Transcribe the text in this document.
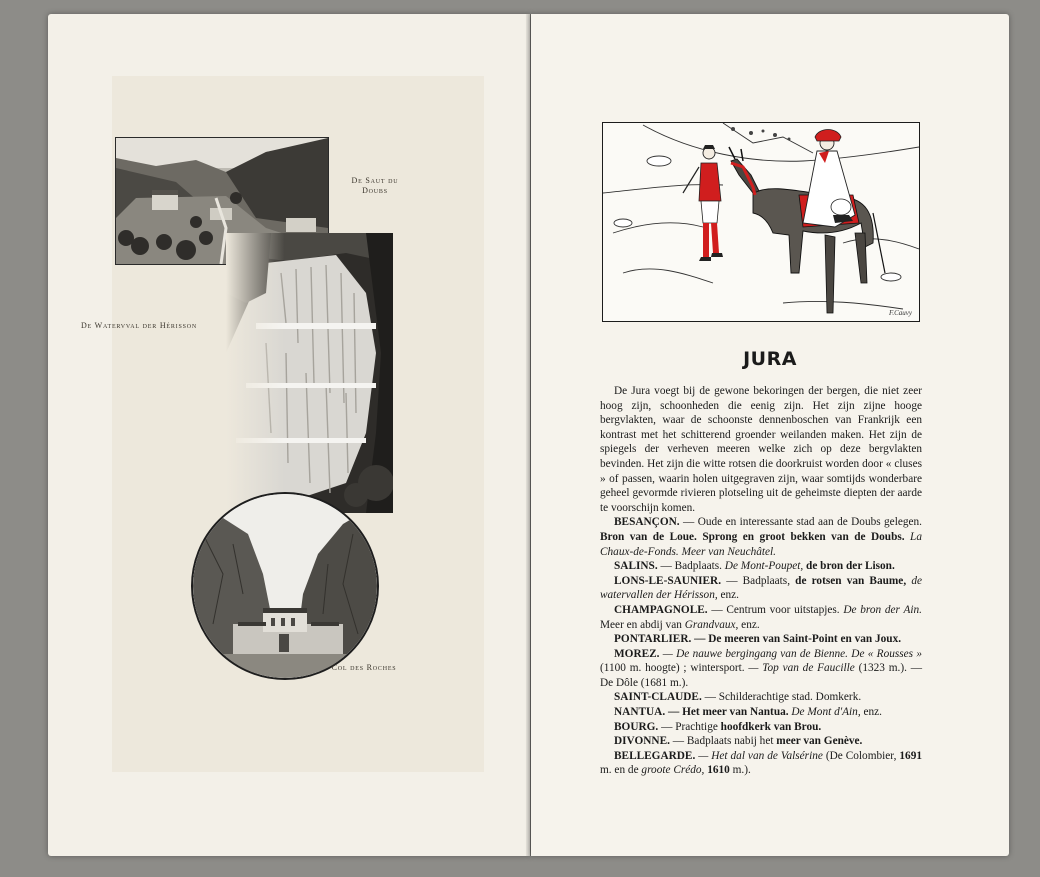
De Saut du Doubs
De Watervval der Hérisson
Col des Roches
F.Cauvy
JURA

De Jura voegt bij de gewone bekoringen der bergen, die niet zeer hoog zijn, schoonheden die eenig zijn. Het zijn zijne hooge bergvlakten, waar de schoonste dennenboschen van Frankrijk een kontrast met het schitterend groender weilanden maken. Het zijn de spiegels der verheven meeren welke zich op deze bergvlakten bevinden. Het zijn die witte rotsen die doorkruist worden door « cluses » of passen, waarin holen uitgegraven zijn, waar somtijds wonderbare geheel gevormde rivieren plotseling uit de geheimste diepten der aarde te voorschijn komen.

BESANÇON. — Oude en interessante stad aan de Doubs gelegen. Bron van de Loue. Sprong en groot bekken van de Doubs. La Chaux-de-Fonds. Meer van Neuchâtel.

SALINS. — Badplaats. De Mont-Poupet, de bron der Lison.

LONS-LE-SAUNIER. — Badplaats, de rotsen van Baume, de watervallen der Hérisson, enz.

CHAMPAGNOLE. — Centrum voor uitstapjes. De bron der Ain. Meer en abdij van Grandvaux, enz.

PONTARLIER. — De meeren van Saint-Point en van Joux.

MOREZ. — De nauwe bergingang van de Bienne. De « Rousses » (1100 m. hoogte) ; wintersport. — Top van de Faucille (1323 m.). — De Dôle (1681 m.).

SAINT-CLAUDE. — Schilderachtige stad. Domkerk.

NANTUA. — Het meer van Nantua. De Mont d'Ain, enz.

BOURG. — Prachtige hoofdkerk van Brou.

DIVONNE. — Badplaats nabij het meer van Genève.

BELLEGARDE. — Het dal van de Valsérine (De Colombier, 1691 m. en de groote Crédo, 1610 m.).
